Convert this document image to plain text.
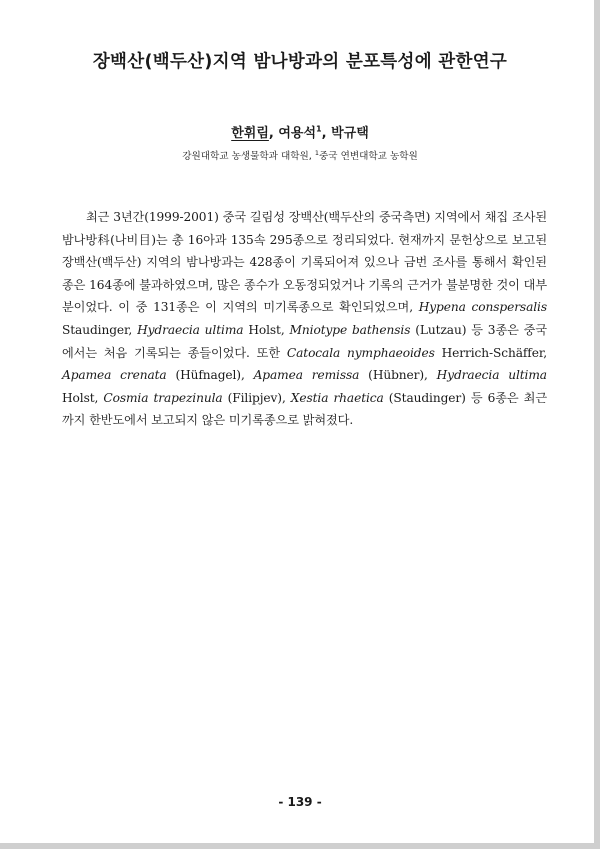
장백산(백두산)지역 밤나방과의 분포특성에 관한연구
한휘림, 여용석$^1$, 박규택
강원대학교 농생물학과 대학원, $^1$중국 연변대학교 농학원

최근 3년간(1999-2001) 중국 길림성 장백산(백두산의 중국측면) 지역에서 채집 조사된 밤나방科(나비目)는 총 16아과 135속 295종으로 정리되었다. 현재까지 문헌상으로 보고된 장백산(백두산) 지역의 밤나방과는 428종이 기록되어져 있으나 금번 조사를 통해서 확인된 종은 164종에 불과하였으며, 많은 종수가 오동정되었거나 기록의 근거가 불분명한 것이 대부분이었다. 이 중 131종은 이 지역의 미기록종으로 확인되었으며, Hypena conspersalis Staudinger, Hydraecia ultima Holst, Mniotype bathensis (Lutzau) 등 3종은 중국에서는 처음 기록되는 종들이었다. 또한 Catocala nymphaeoides Herrich-Schäffer, Apamea crenata (Hüfnagel), Apamea remissa (Hübner), Hydraecia ultima Holst, Cosmia trapezinula (Filipjev), Xestia rhaetica (Staudinger) 등 6종은 최근까지 한반도에서 보고되지 않은 미기록종으로 밝혀졌다.

- 139 -
